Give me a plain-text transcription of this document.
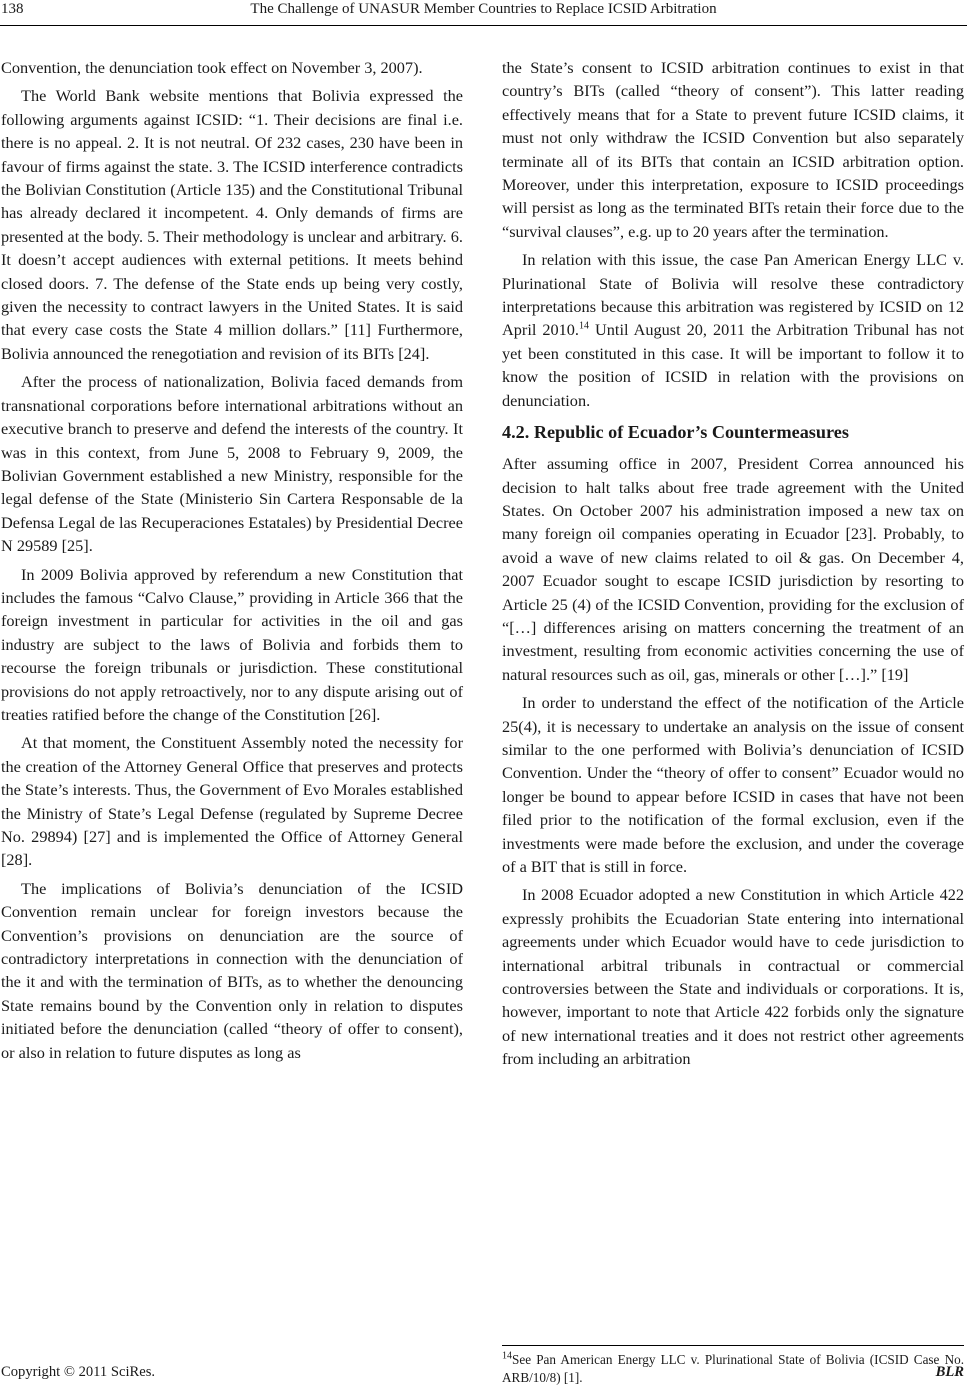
138	The Challenge of UNASUR Member Countries to Replace ICSID Arbitration

Convention, the denunciation took effect on November 3, 2007).

The World Bank website mentions that Bolivia expressed the following arguments against ICSID: “1. Their decisions are final i.e. there is no appeal. 2. It is not neutral. Of 232 cases, 230 have been in favour of firms against the state. 3. The ICSID interference contradicts the Bolivian Constitution (Article 135) and the Constitutional Tribunal has already declared it incompetent. 4. Only demands of firms are presented at the body. 5. Their methodology is unclear and arbitrary. 6. It doesn’t accept audiences with external petitions. It meets behind closed doors. 7. The defense of the State ends up being very costly, given the necessity to contract lawyers in the United States. It is said that every case costs the State 4 million dollars.” [11] Furthermore, Bolivia announced the renegotiation and revision of its BITs [24].

After the process of nationalization, Bolivia faced demands from transnational corporations before international arbitrations without an executive branch to preserve and defend the interests of the country. It was in this context, from June 5, 2008 to February 9, 2009, the Bolivian Government established a new Ministry, responsible for the legal defense of the State (Ministerio Sin Cartera Responsable de la Defensa Legal de las Recuperaciones Estatales) by Presidential Decree N 29589 [25].

In 2009 Bolivia approved by referendum a new Constitution that includes the famous “Calvo Clause,” providing in Article 366 that the foreign investment in particular for activities in the oil and gas industry are subject to the laws of Bolivia and forbids them to recourse the foreign tribunals or jurisdiction. These constitutional provisions do not apply retroactively, nor to any dispute arising out of treaties ratified before the change of the Constitution [26].

At that moment, the Constituent Assembly noted the necessity for the creation of the Attorney General Office that preserves and protects the State’s interests. Thus, the Government of Evo Morales established the Ministry of State’s Legal Defense (regulated by Supreme Decree No. 29894) [27] and is implemented the Office of Attorney General [28].

The implications of Bolivia’s denunciation of the ICSID Convention remain unclear for foreign investors because the Convention’s provisions on denunciation are the source of contradictory interpretations in connection with the denunciation of the it and with the termination of BITs, as to whether the denouncing State remains bound by the Convention only in relation to disputes initiated before the denunciation (called “theory of offer to consent), or also in relation to future disputes as long as

the State’s consent to ICSID arbitration continues to exist in that country’s BITs (called “theory of consent”). This latter reading effectively means that for a State to prevent future ICSID claims, it must not only withdraw the ICSID Convention but also separately terminate all of its BITs that contain an ICSID arbitration option. Moreover, under this interpretation, exposure to ICSID proceedings will persist as long as the terminated BITs retain their force due to the “survival clauses”, e.g. up to 20 years after the termination.

In relation with this issue, the case Pan American Energy LLC v. Plurinational State of Bolivia will resolve these contradictory interpretations because this arbitration was registered by ICSID on 12 April 2010.14 Until August 20, 2011 the Arbitration Tribunal has not yet been constituted in this case. It will be important to follow it to know the position of ICSID in relation with the provisions on denunciation.

4.2. Republic of Ecuador’s Countermeasures

After assuming office in 2007, President Correa announced his decision to halt talks about free trade agreement with the United States. On October 2007 his administration imposed a new tax on many foreign oil companies operating in Ecuador [23]. Probably, to avoid a wave of new claims related to oil & gas. On December 4, 2007 Ecuador sought to escape ICSID jurisdiction by resorting to Article 25 (4) of the ICSID Convention, providing for the exclusion of “[…] differences arising on matters concerning the treatment of an investment, resulting from economic activities concerning the use of natural resources such as oil, gas, minerals or other […].” [19]

In order to understand the effect of the notification of the Article 25(4), it is necessary to undertake an analysis on the issue of consent similar to the one performed with Bolivia’s denunciation of ICSID Convention. Under the “theory of offer to consent” Ecuador would no longer be bound to appear before ICSID in cases that have not been filed prior to the notification of the formal exclusion, even if the investments were made before the exclusion, and under the coverage of a BIT that is still in force.

In 2008 Ecuador adopted a new Constitution in which Article 422 expressly prohibits the Ecuadorian State entering into international agreements under which Ecuador would have to cede jurisdiction to international arbitral tribunals in contractual or commercial controversies between the State and individuals or corporations. It is, however, important to note that Article 422 forbids only the signature of new international treaties and it does not restrict other agreements from including an arbitration

$^{14}$See Pan American Energy LLC v. Plurinational State of Bolivia (ICSID Case No. ARB/10/8) [1].
Copyright © 2011 SciRes.	BLR
